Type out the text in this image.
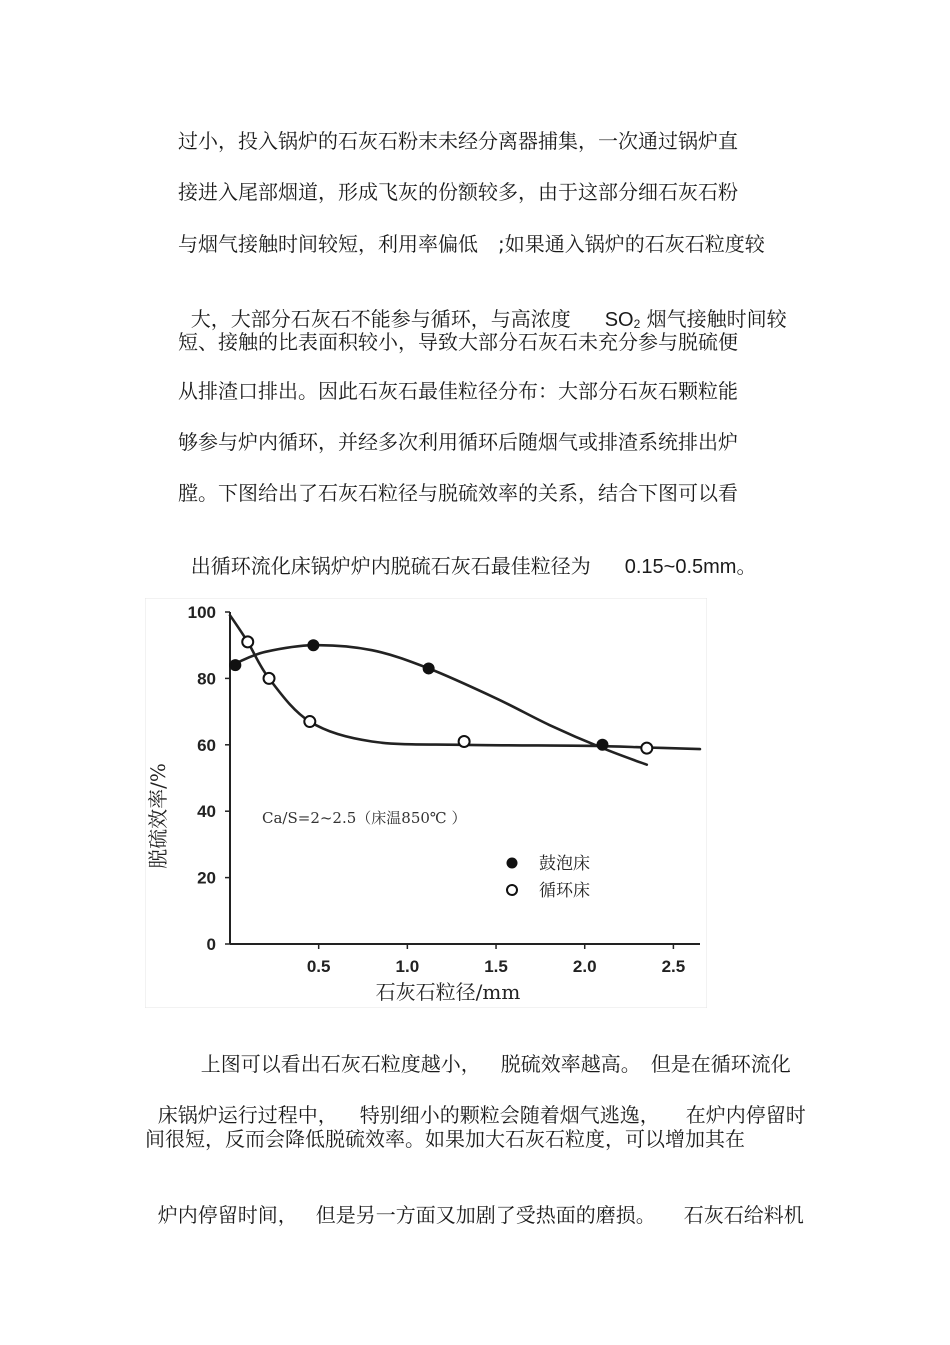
过小，投入锅炉的石灰石粉末未经分离器捕集，一次通过锅炉直
接进入尾部烟道，形成飞灰的份额较多，由于这部分细石灰石粉
与烟气接触时间较短，利用率偏低　;如果通入锅炉的石灰石粒度较

大，大部分石灰石不能参与循环，与高浓度 SO2 烟气接触时间较

短、接触的比表面积较小，导致大部分石灰石未充分参与脱硫便
从排渣口排出。因此石灰石最佳粒径分布：大部分石灰石颗粒能
够参与炉内循环，并经多次利用循环后随烟气或排渣系统排出炉
膛。下图给出了石灰石粒径与脱硫效率的关系，结合下图可以看

出循环流化床锅炉炉内脱硫石灰石最佳粒径为 0.15~0.5mm。

0
20
40
60
80
100
0.5	1.0	1.5	2.0	2.5
脱硫效率/%
石灰石粒径/mm
Ca/S=2~2.5（床温850℃ ）
鼓泡床
循环床

上图可以看出石灰石粒度越小， 脱硫效率越高。 但是在循环流化

床锅炉运行过程中， 特别细小的颗粒会随着烟气逃逸， 在炉内停留时

间很短，反而会降低脱硫效率。如果加大石灰石粒度，可以增加其在

炉内停留时间， 但是另一方面又加剧了受热面的磨损。 石灰石给料机
